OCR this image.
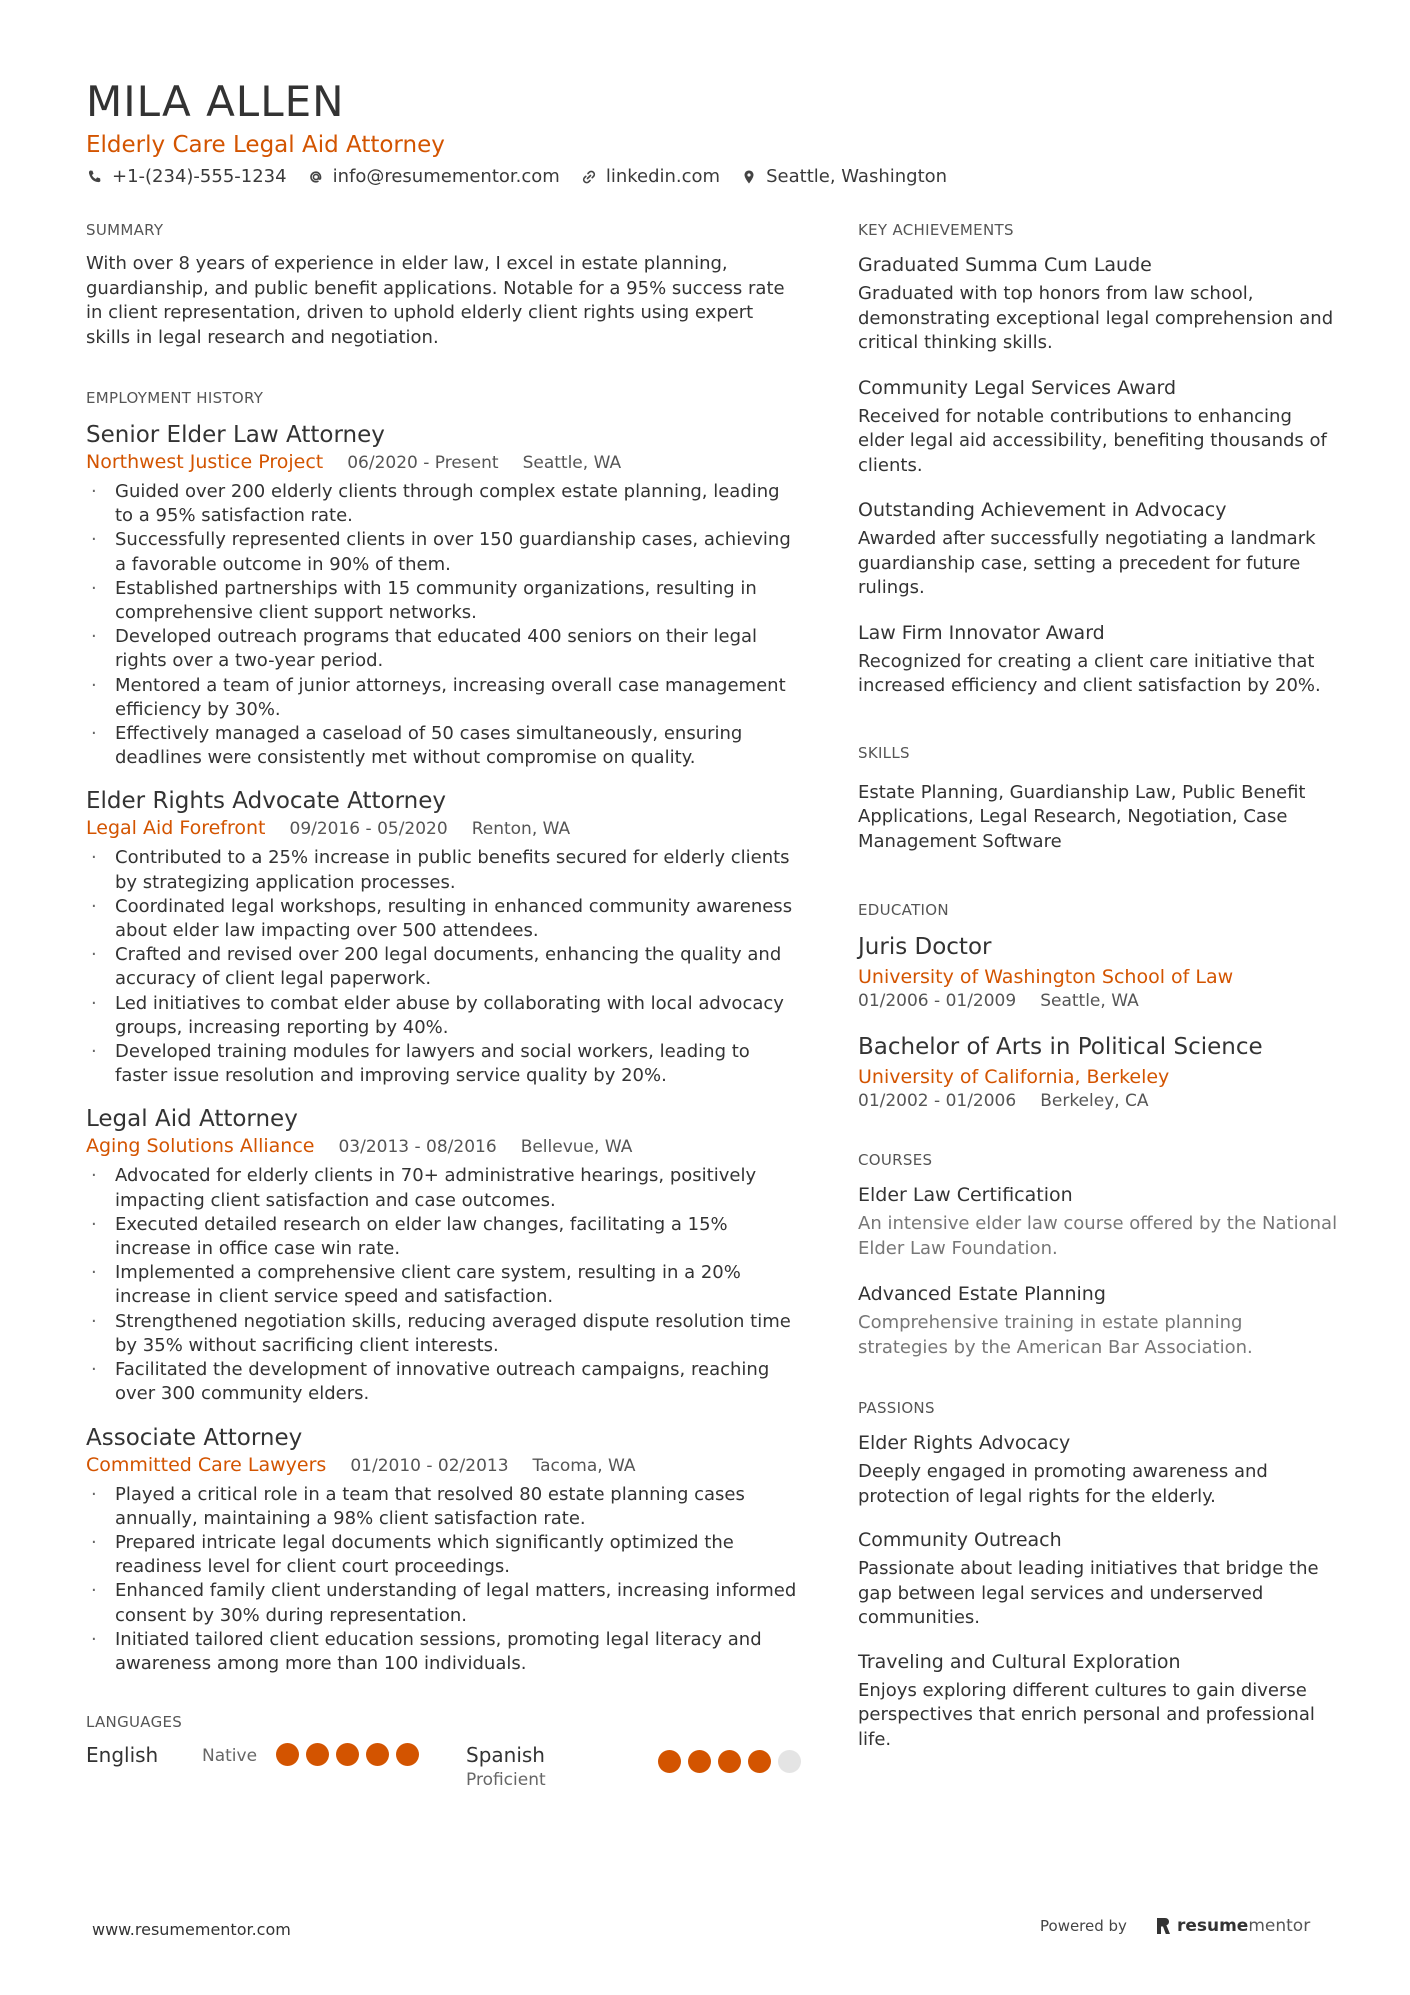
MILA ALLEN
Elderly Care Legal Aid Attorney
+1-(234)-555-1234	info@resumementor.com	linkedin.com	Seattle, Washington
SUMMARY

With over 8 years of experience in elder law, I excel in estate planning, guardianship, and public benefit applications. Notable for a 95% success rate in client representation, driven to uphold elderly client rights using expert skills in legal research and negotiation.

EMPLOYMENT HISTORY
Senior Elder Law Attorney
Northwest Justice Project 06/2020 - Present Seattle, WA
· Guided over 200 elderly clients through complex estate planning, leading to a 95% satisfaction rate.
· Successfully represented clients in over 150 guardianship cases, achieving a favorable outcome in 90% of them.
· Established partnerships with 15 community organizations, resulting in comprehensive client support networks.
· Developed outreach programs that educated 400 seniors on their legal rights over a two-year period.
· Mentored a team of junior attorneys, increasing overall case management efficiency by 30%.
· Effectively managed a caseload of 50 cases simultaneously, ensuring deadlines were consistently met without compromise on quality.
Elder Rights Advocate Attorney
Legal Aid Forefront 09/2016 - 05/2020 Renton, WA
· Contributed to a 25% increase in public benefits secured for elderly clients by strategizing application processes.
· Coordinated legal workshops, resulting in enhanced community awareness about elder law impacting over 500 attendees.
· Crafted and revised over 200 legal documents, enhancing the quality and accuracy of client legal paperwork.
· Led initiatives to combat elder abuse by collaborating with local advocacy groups, increasing reporting by 40%.
· Developed training modules for lawyers and social workers, leading to faster issue resolution and improving service quality by 20%.
Legal Aid Attorney
Aging Solutions Alliance 03/2013 - 08/2016 Bellevue, WA
· Advocated for elderly clients in 70+ administrative hearings, positively impacting client satisfaction and case outcomes.
· Executed detailed research on elder law changes, facilitating a 15% increase in office case win rate.
· Implemented a comprehensive client care system, resulting in a 20% increase in client service speed and satisfaction.
· Strengthened negotiation skills, reducing averaged dispute resolution time by 35% without sacrificing client interests.
· Facilitated the development of innovative outreach campaigns, reaching over 300 community elders.
Associate Attorney
Committed Care Lawyers 01/2010 - 02/2013 Tacoma, WA
· Played a critical role in a team that resolved 80 estate planning cases annually, maintaining a 98% client satisfaction rate.
· Prepared intricate legal documents which significantly optimized the readiness level for client court proceedings.
· Enhanced family client understanding of legal matters, increasing informed consent by 30% during representation.
· Initiated tailored client education sessions, promoting legal literacy and awareness among more than 100 individuals.
LANGUAGES
English	Native	Spanish
Proficient
KEY ACHIEVEMENTS
Graduated Summa Cum Laude

Graduated with top honors from law school, demonstrating exceptional legal comprehension and critical thinking skills.

Community Legal Services Award

Received for notable contributions to enhancing elder legal aid accessibility, benefiting thousands of clients.

Outstanding Achievement in Advocacy

Awarded after successfully negotiating a landmark guardianship case, setting a precedent for future rulings.

Law Firm Innovator Award

Recognized for creating a client care initiative that increased efficiency and client satisfaction by 20%.

SKILLS

Estate Planning, Guardianship Law, Public Benefit Applications, Legal Research, Negotiation, Case Management Software

EDUCATION
Juris Doctor
University of Washington School of Law
01/2006 - 01/2009 Seattle, WA
Bachelor of Arts in Political Science
University of California, Berkeley
01/2002 - 01/2006 Berkeley, CA
COURSES
Elder Law Certification

An intensive elder law course offered by the National Elder Law Foundation.

Advanced Estate Planning

Comprehensive training in estate planning strategies by the American Bar Association.

PASSIONS
Elder Rights Advocacy

Deeply engaged in promoting awareness and protection of legal rights for the elderly.

Community Outreach

Passionate about leading initiatives that bridge the gap between legal services and underserved communities.

Traveling and Cultural Exploration

Enjoys exploring different cultures to gain diverse perspectives that enrich personal and professional life.

www.resumementor.com	Powered by	resumementor
